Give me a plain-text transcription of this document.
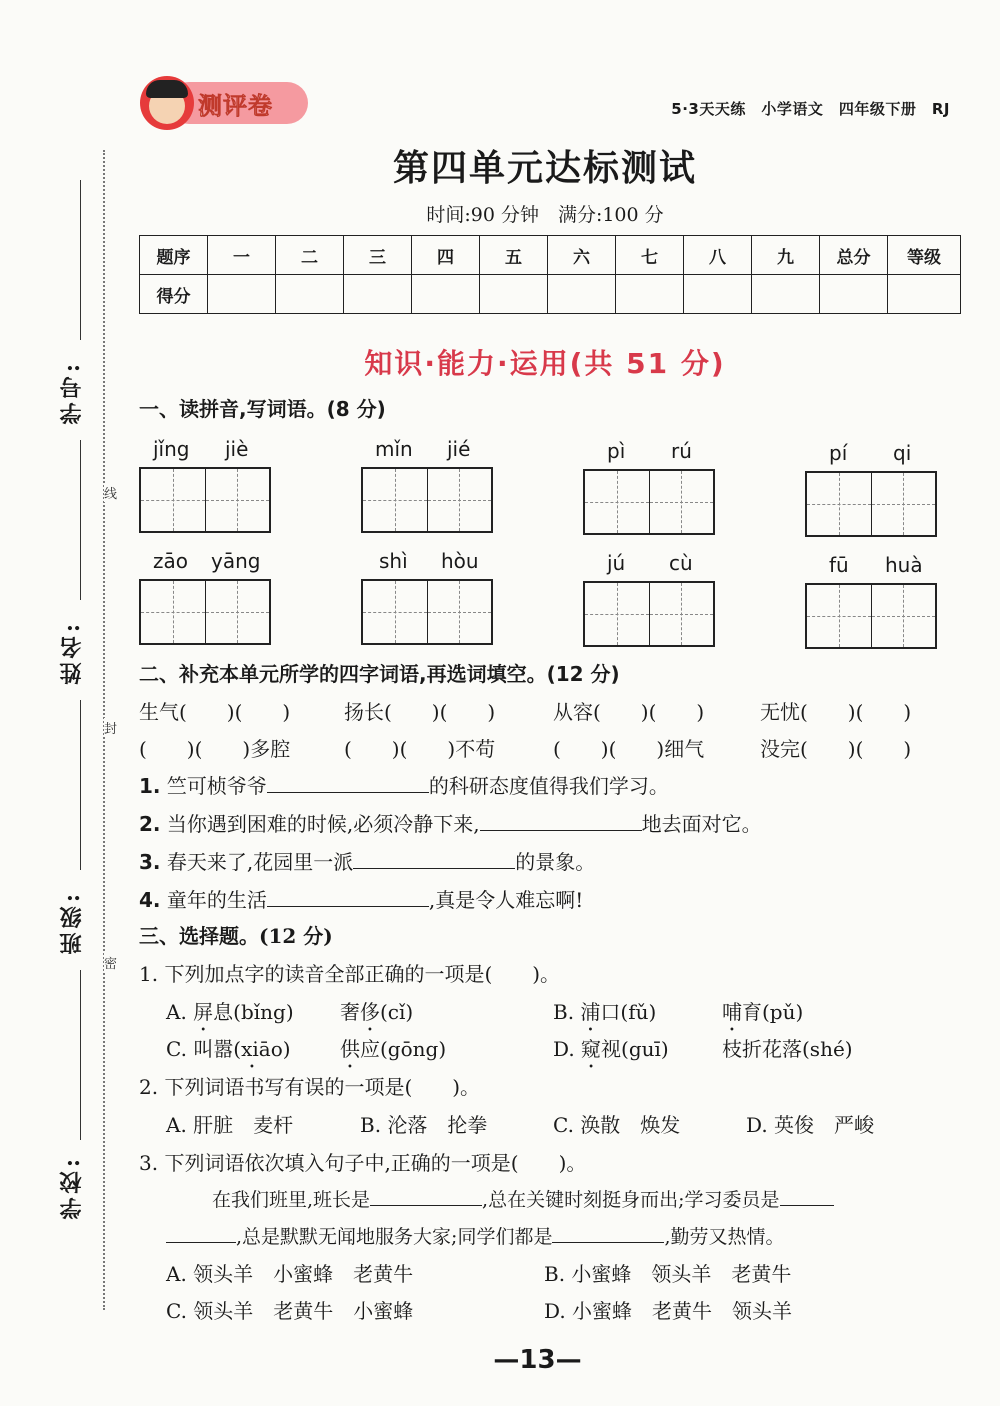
学号:
姓名:
班级:
学校:
线
封
密
测评卷	5·3天天练　小学语文　四年级下册　RJ
第四单元达标测试
时间:90 分钟　满分:100 分
题序	一	二	三	四	五	六	七	八	九	总分	等级
得分											
知识·能力·运用(共 51 分)
一、读拼音,写词语。(8 分)
jǐng jiè	mǐn jié	pì rú	pí qi
zāo yāng	shì hòu	jú cù	fū huà
二、补充本单元所学的四字词语,再选词填空。(12 分)
生气(　　)(　　)	扬长(　　)(　　)	从容(　　)(　　)	无忧(　　)(　　)
(　　)(　　)多腔	(　　)(　　)不苟	(　　)(　　)细气	没完(　　)(　　)
1. 竺可桢爷爷	的科研态度值得我们学习。
2. 当你遇到困难的时候,必须冷静下来,	地去面对它。
3. 春天来了,花园里一派	的景象。
4. 童年的生活	,真是令人难忘啊!
三、选择题。(12 分)
1. 下列加点字的读音全部正确的一项是(　　)。
A. 屏息(bǐng) 奢侈(cǐ)	B. 浦口(fǔ)	哺育(pǔ)
C. 叫嚣(xiāo) • 供应(gōng)	D. 窥视(guī)	枝折花落(shé)
2. 下列词语书写有误的一项是(　　)。
A. 肝脏　麦杆	B. 沦落　抡拳	C. 涣散　焕发	D. 英俊　严峻
3. 下列词语依次填入句子中,正确的一项是(　　)。
在我们班里,班长是	,总在关键时刻挺身而出;学习委员是
,总是默默无闻地服务大家;同学们都是	,勤劳又热情。
A. 领头羊　小蜜蜂　老黄牛	B. 小蜜蜂　领头羊　老黄牛
C. 领头羊　老黄牛　小蜜蜂	D. 小蜜蜂　老黄牛　领头羊
—13—
